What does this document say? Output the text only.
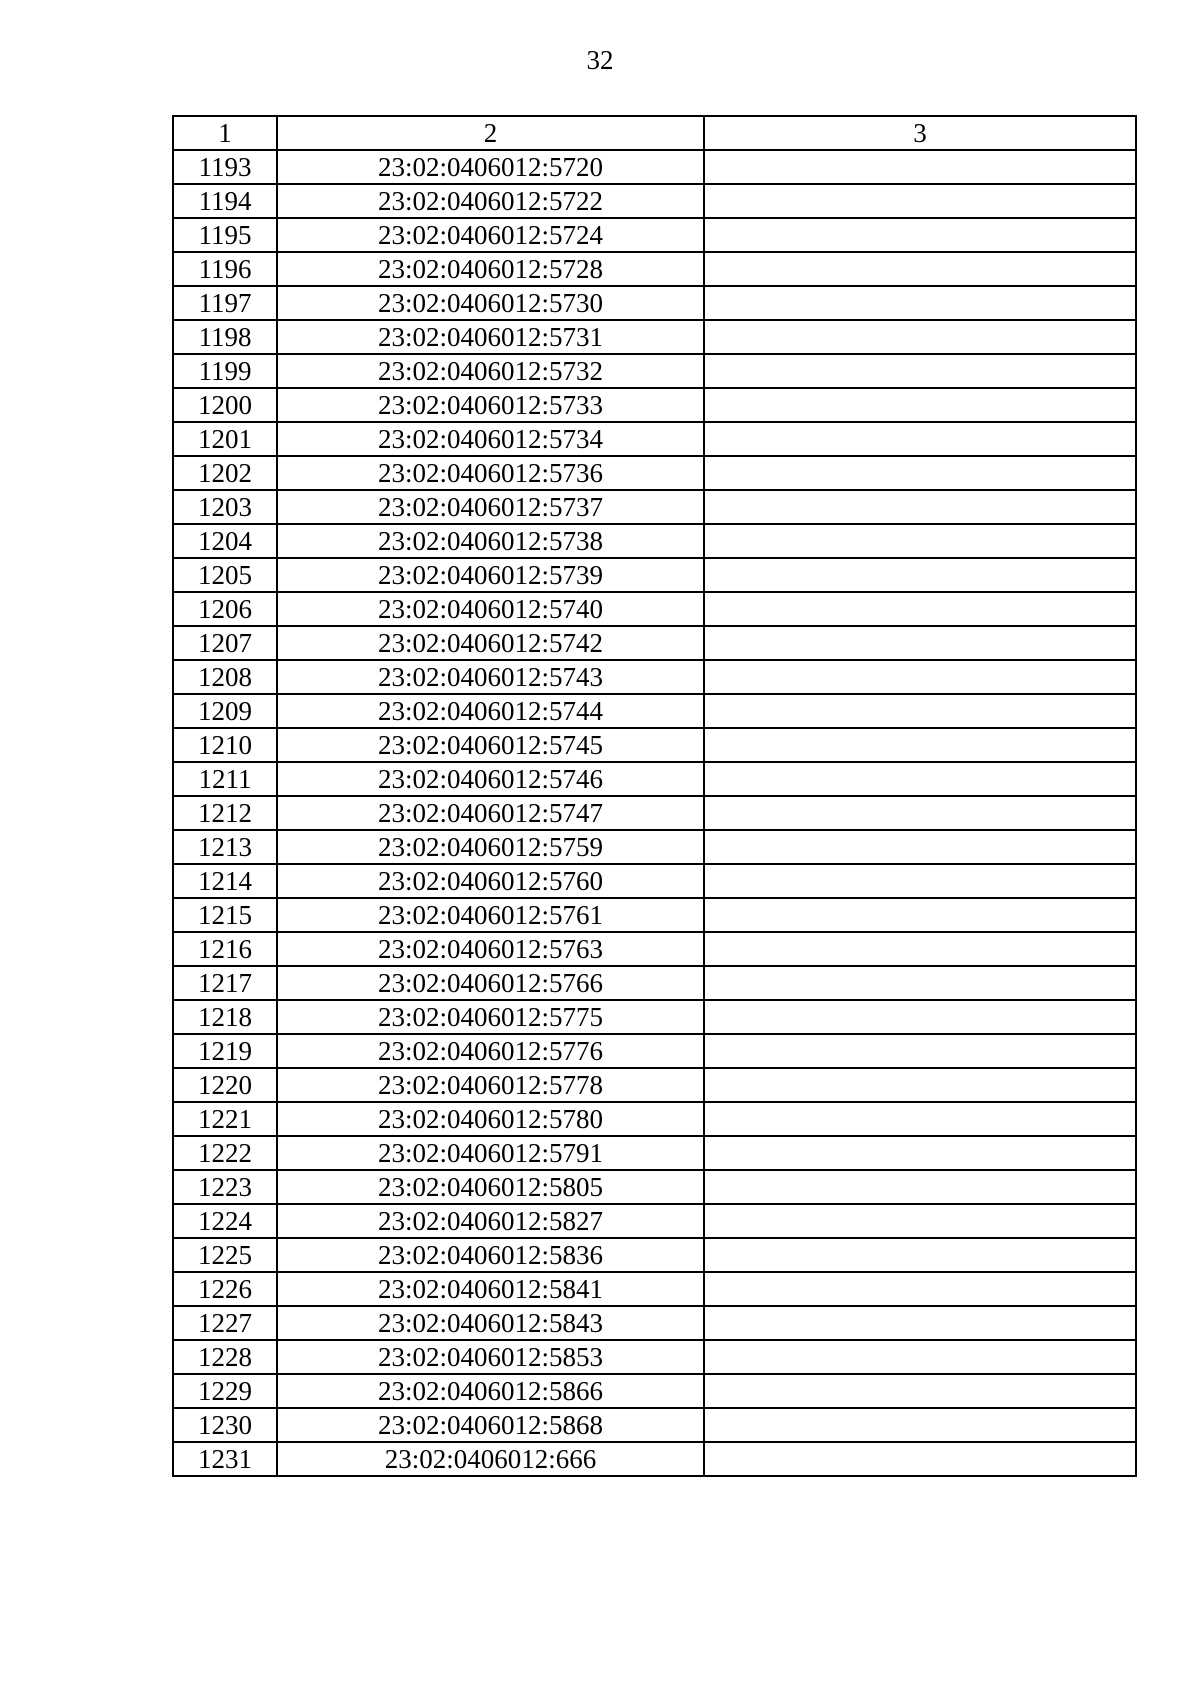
32
1	2	3
1193	23:02:0406012:5720	
1194	23:02:0406012:5722	
1195	23:02:0406012:5724	
1196	23:02:0406012:5728	
1197	23:02:0406012:5730	
1198	23:02:0406012:5731	
1199	23:02:0406012:5732	
1200	23:02:0406012:5733	
1201	23:02:0406012:5734	
1202	23:02:0406012:5736	
1203	23:02:0406012:5737	
1204	23:02:0406012:5738	
1205	23:02:0406012:5739	
1206	23:02:0406012:5740	
1207	23:02:0406012:5742	
1208	23:02:0406012:5743	
1209	23:02:0406012:5744	
1210	23:02:0406012:5745	
1211	23:02:0406012:5746	
1212	23:02:0406012:5747	
1213	23:02:0406012:5759	
1214	23:02:0406012:5760	
1215	23:02:0406012:5761	
1216	23:02:0406012:5763	
1217	23:02:0406012:5766	
1218	23:02:0406012:5775	
1219	23:02:0406012:5776	
1220	23:02:0406012:5778	
1221	23:02:0406012:5780	
1222	23:02:0406012:5791	
1223	23:02:0406012:5805	
1224	23:02:0406012:5827	
1225	23:02:0406012:5836	
1226	23:02:0406012:5841	
1227	23:02:0406012:5843	
1228	23:02:0406012:5853	
1229	23:02:0406012:5866	
1230	23:02:0406012:5868	
1231	23:02:0406012:666	
